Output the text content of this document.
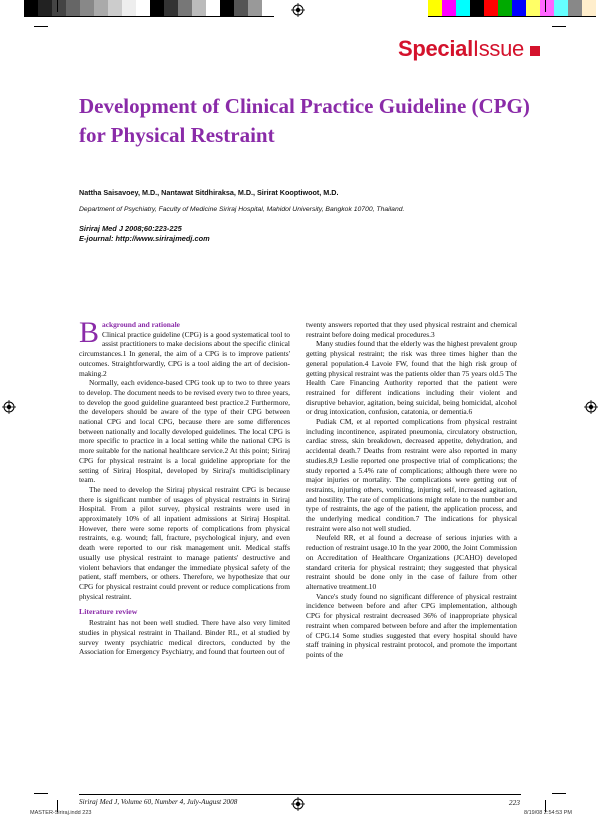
SpecialIssue
Development of Clinical Practice Guideline (CPG) for Physical Restraint
Nattha Saisavoey, M.D., Nantawat Sitdhiraksa, M.D., Sirirat Kooptiwoot, M.D.
Department of Psychiatry, Faculty of Medicine Siriraj Hospital, Mahidol University, Bangkok 10700, Thailand.
Siriraj Med J 2008;60:223-225
E-journal: http://www.sirirajmedj.com

Background and rationale
Clinical practice guideline (CPG) is a good systematical tool to assist practitioners to make decisions about the specific clinical circumstances.1 In general, the aim of a CPG is to improve patients' outcomes. Straightforwardly, CPG is a tool aiding the art of decision-making.2

Normally, each evidence-based CPG took up to two to three years to develop. The document needs to be revised every two to three years, to develop the good guideline guaranteed best practice.2 Furthermore, the developers should be aware of the type of their CPG between national CPG and local CPG, because there are some differences between nationally and locally developed guidelines. The local CPG is more specific to practice in a local setting while the national CPG is more suitable for the national healthcare service.2 At this point; Siriraj CPG for physical restraint is a local guideline appropriate for the setting of Siriraj Hospital, developed by Siriraj's multidisciplinary team.

The need to develop the Siriraj physical restraint CPG is because there is significant number of usages of physical restraints in Siriraj Hospital. From a pilot survey, physical restraints were used in approximately 10% of all inpatient admissions at Siriraj Hospital. However, there were some reports of complications from physical restraints, e.g. wound; fall, fracture, psychological injury, and even death were reported to our risk management unit. Medical staffs usually use physical restraint to manage patients' destructive and violent behaviors that endanger the immediate physical safety of the patient, staff members, or others. Therefore, we hypothesize that our CPG for physical restraint could prevent or reduce complications from physical restraint.

Literature review

Restraint has not been well studied. There have also very limited studies in physical restraint in Thailand. Binder RL, et al studied by survey twenty psychiatric medical directors, conducted by the Association for Emergency Psychiatry, and found that fourteen out of

twenty answers reported that they used physical restraint and chemical restraint before doing medical procedures.3

Many studies found that the elderly was the highest prevalent group getting physical restraint; the risk was three times higher than the general population.4 Lavoie FW, found that the high risk group of getting physical restraint was the patients older than 75 years old.5 The Health Care Financing Authority reported that the patient were restrained for different indications including their violent and disruptive behavior, agitation, being suicidal, being homicidal, alcohol or drug intoxication, confusion, catatonia, or dementia.6

Pudiak CM, et al reported complications from physical restraint including incontinence, aspirated pneumonia, circulatory obstruction, cardiac stress, skin breakdown, decreased appetite, dehydration, and accidental death.7 Deaths from restraint were also reported in many studies.8,9 Leslie reported one prospective trial of complications; the study reported a 5.4% rate of complications; although there were no major injuries or mortality. The complications were getting out of restraints, injuring others, vomiting, injuring self, increased agitation, and hostility. The rate of complications might relate to the number and type of restraints, the age of the patient, the application process, and the underlying medical condition.7 The indications for physical restraint were also not well studied.

Neufeld RR, et al found a decrease of serious injuries with a reduction of restraint usage.10 In the year 2000, the Joint Commission on Accreditation of Healthcare Organizations (JCAHO) developed standard criteria for physical restraint; they suggested that physical restraint should be done only in the case of failure from other alternative treatment.10

Vance's study found no significant difference of physical restraint incidence between before and after CPG implementation, although CPG for physical restraint decreased 36% of inappropriate physical restraint when compared between before and after the implementation of CPG.14 Some studies suggested that every hospital should have staff training in physical restraint protocol, and promote the important points of the

Siriraj Med J, Volume 60, Number 4, July-August 2008	223
MASTER-Siriraj.indd 223	8/19/08 2:54:53 PM
